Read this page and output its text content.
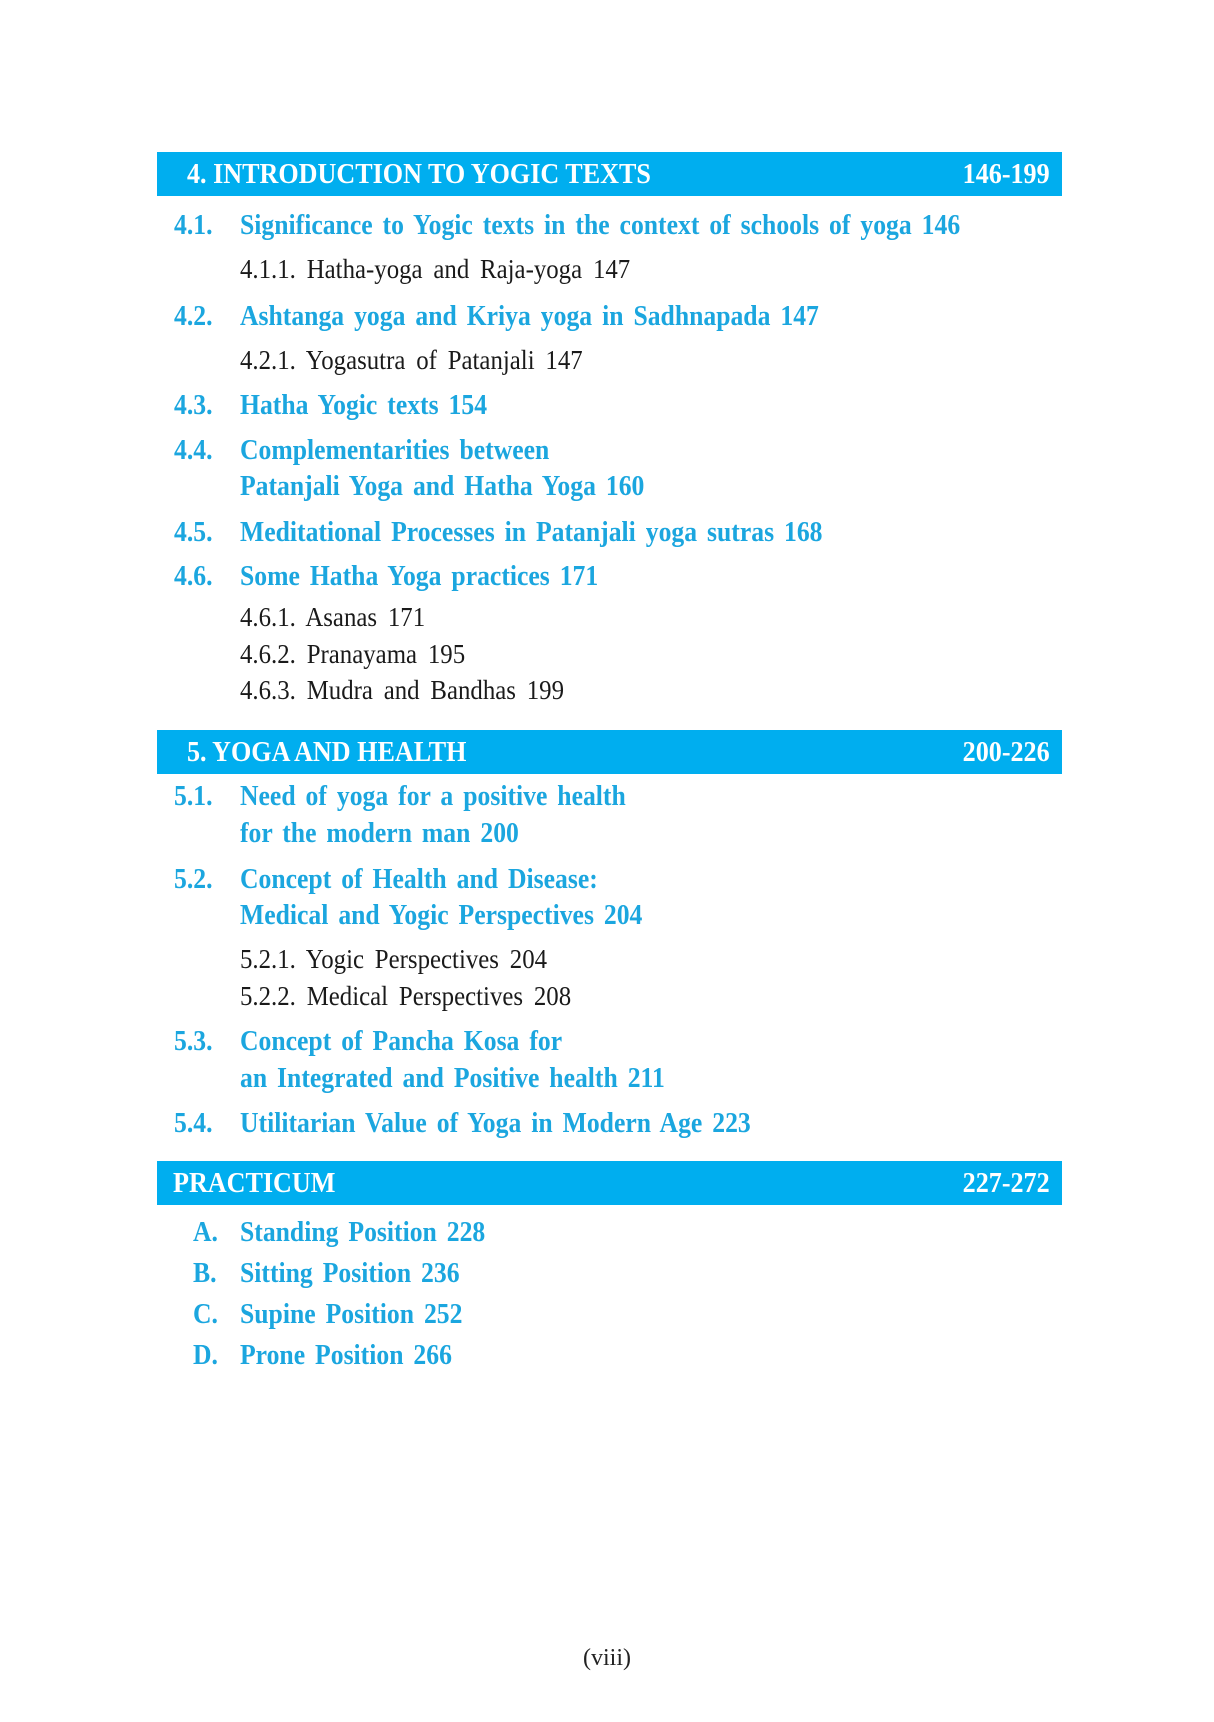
4. INTRODUCTION TO YOGIC TEXTS	146-199
4.1. Significance to Yogic texts in the context of schools of yoga 146
4.1.1. Hatha-yoga and Raja-yoga 147
4.2. Ashtanga yoga and Kriya yoga in Sadhnapada 147
4.2.1. Yogasutra of Patanjali 147
4.3. Hatha Yogic texts 154
4.4. Complementarities between
Patanjali Yoga and Hatha Yoga 160
4.5. Meditational Processes in Patanjali yoga sutras 168
4.6. Some Hatha Yoga practices 171
4.6.1. Asanas 171
4.6.2. Pranayama 195
4.6.3. Mudra and Bandhas 199
5. YOGA AND HEALTH	200-226
5.1. Need of yoga for a positive health
for the modern man 200
5.2. Concept of Health and Disease:
Medical and Yogic Perspectives 204
5.2.1. Yogic Perspectives 204
5.2.2. Medical Perspectives 208
5.3. Concept of Pancha Kosa for
an Integrated and Positive health 211
5.4. Utilitarian Value of Yoga in Modern Age 223
PRACTICUM	227-272
A. Standing Position 228
B. Sitting Position 236
C. Supine Position 252
D. Prone Position 266
(viii)
